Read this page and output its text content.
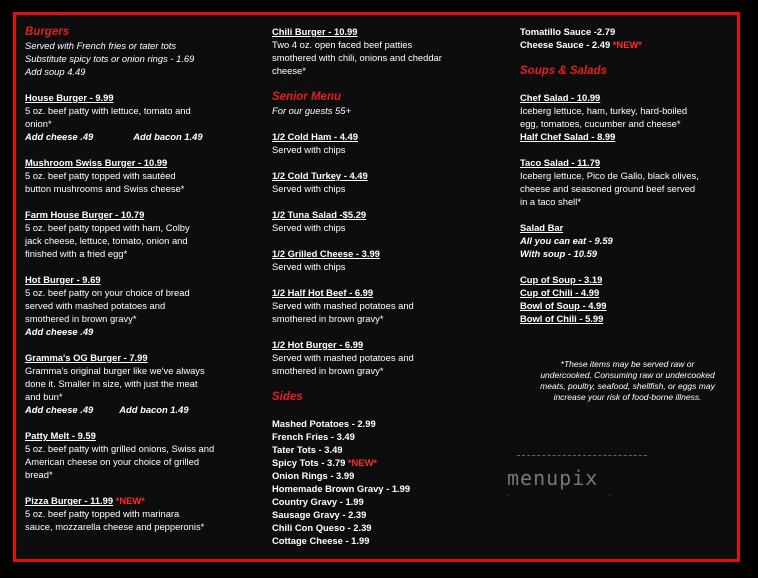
Burgers
Served with French fries or tater tots
Substitute spicy tots or onion rings - 1.69
Add soup 4.49
House Burger - 9.99
5 oz. beef patty with lettuce, tomato and
onion*
Add cheese .49	Add bacon 1.49
Mushroom Swiss Burger - 10.99
5 oz. beef patty topped with sautéed
button mushrooms and Swiss cheese*
Farm House Burger - 10.79
5 oz. beef patty topped with ham, Colby
jack cheese, lettuce, tomato, onion and
finished with a fried egg*
Hot Burger - 9.69
5 oz. beef patty on your choice of bread
served with mashed potatoes and
smothered in brown gravy*
Add cheese .49
Gramma's OG Burger - 7.99
Gramma's original burger like we've always
done it. Smaller in size, with just the meat
and bun*
Add cheese .49	Add bacon 1.49
Patty Melt - 9.59
5 oz. beef patty with grilled onions, Swiss and
American cheese on your choice of grilled
bread*
Pizza Burger - 11.99 *NEW*
5 oz. beef patty topped with marinara
sauce, mozzarella cheese and pepperonis*
Chili Burger - 10.99
Two 4 oz. open faced beef patties
smothered with chili, onions and cheddar
cheese*
Senior Menu
For our guests 55+
1/2 Cold Ham - 4.49
Served with chips
1/2 Cold Turkey - 4.49
Served with chips
1/2 Tuna Salad -$5.29
Served with chips
1/2 Grilled Cheese - 3.99
Served with chips
1/2 Half Hot Beef - 6.99
Served with mashed potatoes and
smothered in brown gravy*
1/2 Hot Burger - 6.99
Served with mashed potatoes and
smothered in brown gravy*
Sides
Mashed Potatoes - 2.99
French Fries - 3.49
Tater Tots - 3.49
Spicy Tots - 3.79 *NEW*
Onion Rings - 3.99
Homemade Brown Gravy - 1.99
Country Gravy - 1.99
Sausage Gravy - 2.39
Chili Con Queso - 2.39
Cottage Cheese - 1.99
Tomatillo Sauce -2.79
Cheese Sauce - 2.49 *NEW*
Soups & Salads
Chef Salad - 10.99
Iceberg lettuce, ham, turkey, hard-boiled
egg, tomatoes, cucumber and cheese*
Half Chef Salad - 8.99
Taco Salad - 11.79
Iceberg lettuce, Pico de Gallo, black olives,
cheese and seasoned ground beef served
in a taco shell*
Salad Bar
All you can eat - 9.59
With soup - 10.59
Cup of Soup - 3.19
Cup of Chili - 4.99
Bowl of Soup - 4.99
Bowl of Chili - 5.99
*These items may be served raw or
undercooked. Consuming raw or undercooked
meats, poultry, seafood, shellfish, or eggs may
increase your risk of food-borne illness.
menupix
·                                   ·
